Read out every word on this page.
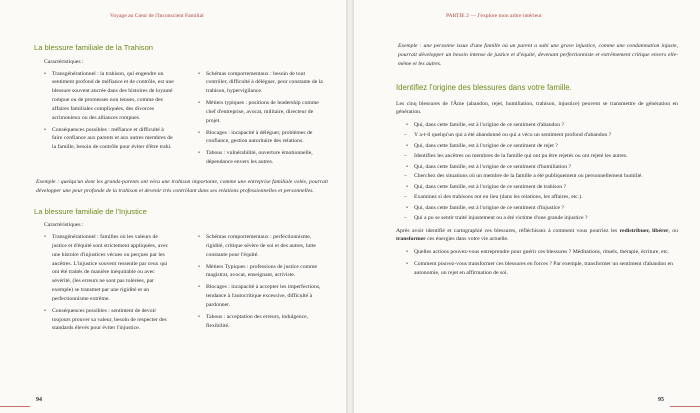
Voyage au Cœur de l'Inconscient Familial
La blessure familiale de la Trahison
Caractéristiques :
• Transgénérationnel : la trahison, qui engendre un sentiment profond de méfiance et de contrôle, est une blessure souvent ancrée dans des histoires de loyauté rompue ou de promesses non tenues, comme des affaires familiales compliquées, des divorces acrimonieux ou des alliances rompues.
• Conséquences possibles : méfiance et difficulté à faire confiance aux parents et aux autres membres de la famille, besoin de contrôle pour éviter d'être trahi.
• Schémas comportementaux : besoin de tout contrôler, difficulté à déléguer, peur constante de la trahison, hypervigilance.
• Métiers typiques : positions de leadership comme chef d'entreprise, avocat, militaire, directeur de projet.
• Blocages : incapacité à déléguer, problèmes de confiance, gestion autoritaire des relations.
• Tabous : vulnérabilité, ouverture émotionnelle, dépendance envers les autres.

Exemple : quelqu'un dont les grands-parents ont vécu une trahison importante, comme une entreprise familiale volée, pourrait développer une peur profonde de la trahison et devenir très contrôlant dans ses relations professionnelles et personnelles.

La blessure familiale de l'Injustice
Caractéristiques :
• Transgénérationnel : familles où les valeurs de justice et d'équité sont strictement appliquées, avec une histoire d'injustices vécues ou perçues par les ancêtres. L'injustice souvent ressentie par ceux qui ont été traités de manière inéquitable ou avec sévérité, (les erreurs ne sont pas tolérées, par exemple) se transmet par une rigidité et un perfectionnisme extrême.
• Conséquences possibles : sentiment de devoir toujours prouver sa valeur, besoin de respecter des standards élevés pour éviter l'injustice.
• Schémas comportementaux : perfectionnisme, rigidité, critique sévère de soi et des autres, lutte constante pour l'équité.
• Métiers Typiques : professions de justice comme magistrat, avocat, enseignant, activiste.
• Blocages : incapacité à accepter les imperfections, tendance à l'autocritique excessive, difficulté à pardonner.
• Tabous : acceptation des erreurs, indulgence, flexibilité.
94
PARTIE 2 — J'explore mon arbre intérieur

Exemple : une personne issue d'une famille où un parent a subi une grave injustice, comme une condamnation injuste, pourrait développer un besoin intense de justice et d'équité, devenant perfectionniste et extrêmement critique envers elle-même et les autres.

Identifiez l'origine des blessures dans votre famille.

Les cinq blessures de l'Âme (abandon, rejet, humiliation, trahison, injustice) peuvent se transmettre de génération en génération.

• Qui, dans cette famille, est à l'origine de ce sentiment d'abandon ?
– Y a-t-il quelqu'un qui a été abandonné ou qui a vécu un sentiment profond d'abandon ?
• Qui, dans cette famille, est à l'origine de ce sentiment de rejet ?
– Identifiez les ancêtres ou membres de la famille qui ont pu être rejetés ou ont rejeté les autres.
• Qui, dans cette famille, est à l'origine de ce sentiment d'humiliation ?
– Cherchez des situations où un membre de la famille a été publiquement ou personnellement humilié.
• Qui, dans cette famille, est à l'origine de ce sentiment de trahison ?
– Examinez si des trahisons ont eu lieu (dans les relations, les affaires, etc.).
• Qui, dans cette famille, est à l'origine de ce sentiment d'injustice ?
– Qui a pu se sentir traité injustement ou a été victime d'une grande injustice ?

Après avoir identifié et cartographié ces blessures, réfléchissez à comment vous pourriez les redistribuer, libérer, ou transformer ces énergies dans votre vie actuelle.

• Quelles actions pouvez-vous entreprendre pour guérir ces blessures ? Méditations, rituels, thérapie, écriture, etc.
• Comment pouvez-vous transformer ces blessures en forces ? Par exemple, transformer un sentiment d'abandon en autonomie, un rejet en affirmation de soi.
95
